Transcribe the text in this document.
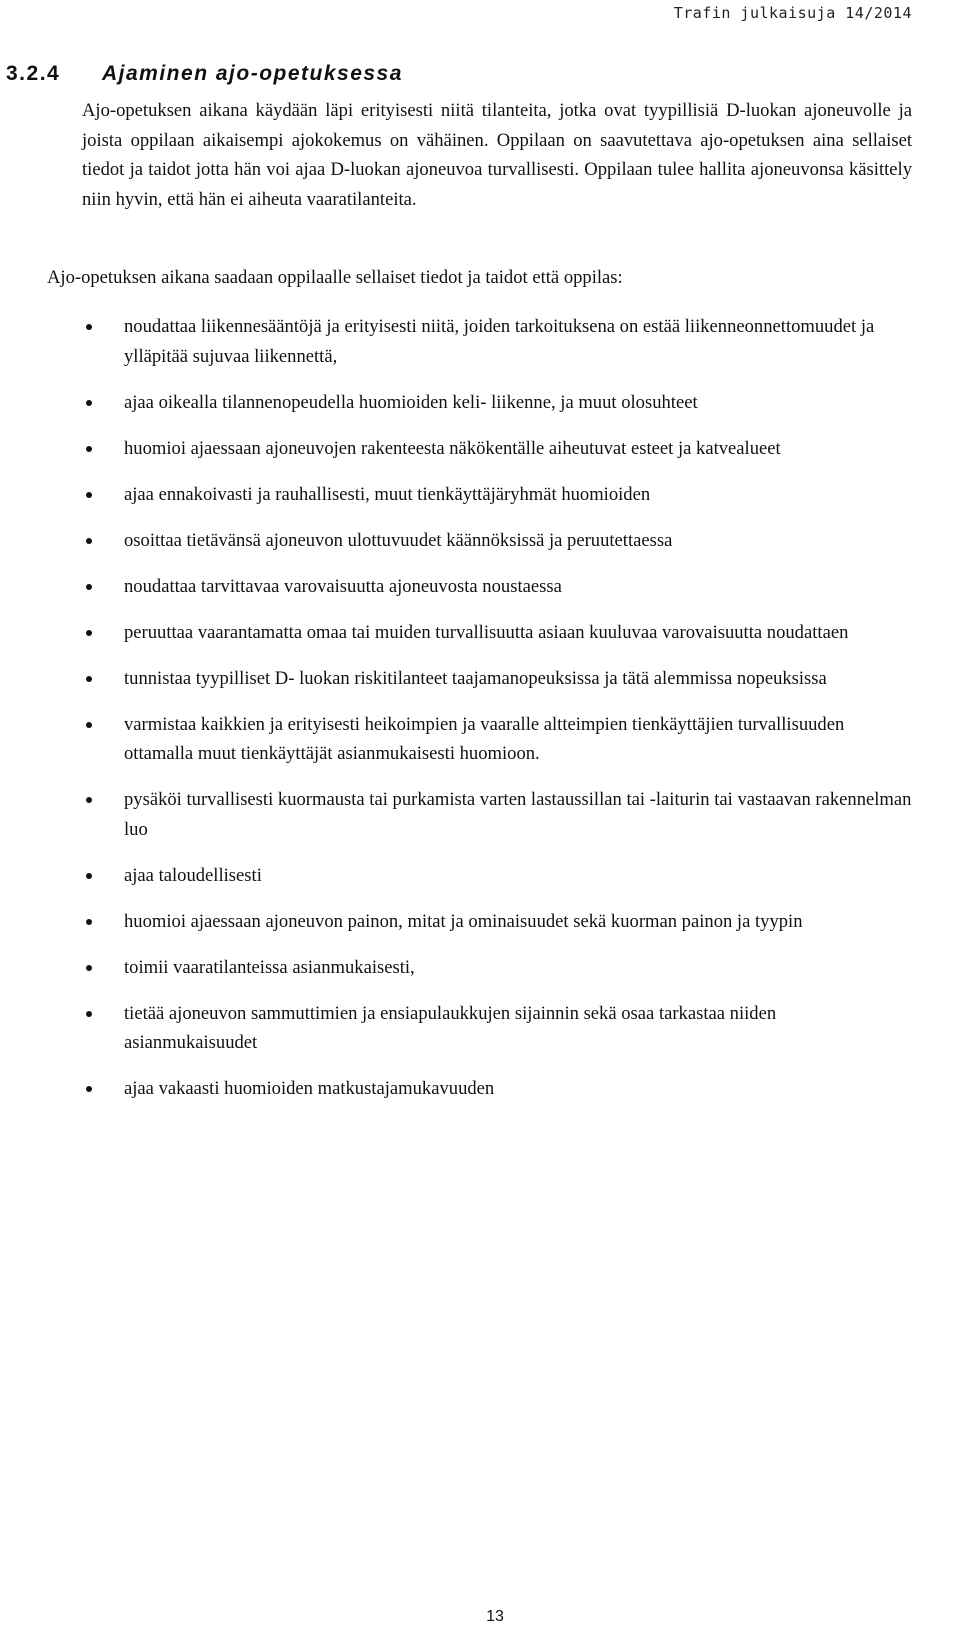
Trafin julkaisuja 14/2014
3.2.4 Ajaminen ajo-opetuksessa

Ajo-opetuksen aikana käydään läpi erityisesti niitä tilanteita, jotka ovat tyypillisiä D-luokan ajoneuvolle ja joista oppilaan aikaisempi ajokokemus on vähäinen. Oppilaan on saavutettava ajo-opetuksen aina sellaiset tiedot ja taidot jotta hän voi ajaa D-luokan ajoneuvoa turvallisesti. Oppilaan tulee hallita ajoneuvonsa käsittely niin hyvin, että hän ei aiheuta vaaratilanteita.

Ajo-opetuksen aikana saadaan oppilaalle sellaiset tiedot ja taidot että oppilas:

noudattaa liikennesääntöjä ja erityisesti niitä, joiden tarkoituksena on estää liikenneonnettomuudet ja ylläpitää sujuvaa liikennettä,
ajaa oikealla tilannenopeudella huomioiden keli- liikenne, ja muut olosuhteet
huomioi ajaessaan ajoneuvojen rakenteesta näkökentälle aiheutuvat esteet ja katvealueet
ajaa ennakoivasti ja rauhallisesti, muut tienkäyttäjäryhmät huomioiden
osoittaa tietävänsä ajoneuvon ulottuvuudet käännöksissä ja peruutettaessa
noudattaa tarvittavaa varovaisuutta ajoneuvosta noustaessa
peruuttaa vaarantamatta omaa tai muiden turvallisuutta asiaan kuuluvaa varovaisuutta noudattaen
tunnistaa tyypilliset D- luokan riskitilanteet taajamanopeuksissa ja tätä alemmissa nopeuksissa
varmistaa kaikkien ja erityisesti heikoimpien ja vaaralle altteimpien tienkäyttäjien turvallisuuden ottamalla muut tienkäyttäjät asianmukaisesti huomioon.
pysäköi turvallisesti kuormausta tai purkamista varten lastaussillan tai -laiturin tai vastaavan rakennelman luo
ajaa taloudellisesti
huomioi ajaessaan ajoneuvon painon, mitat ja ominaisuudet sekä kuorman painon ja tyypin
toimii vaaratilanteissa asianmukaisesti,
tietää ajoneuvon sammuttimien ja ensiapulaukkujen sijainnin sekä osaa tarkastaa niiden asianmukaisuudet
ajaa vakaasti huomioiden matkustajamukavuuden
13
